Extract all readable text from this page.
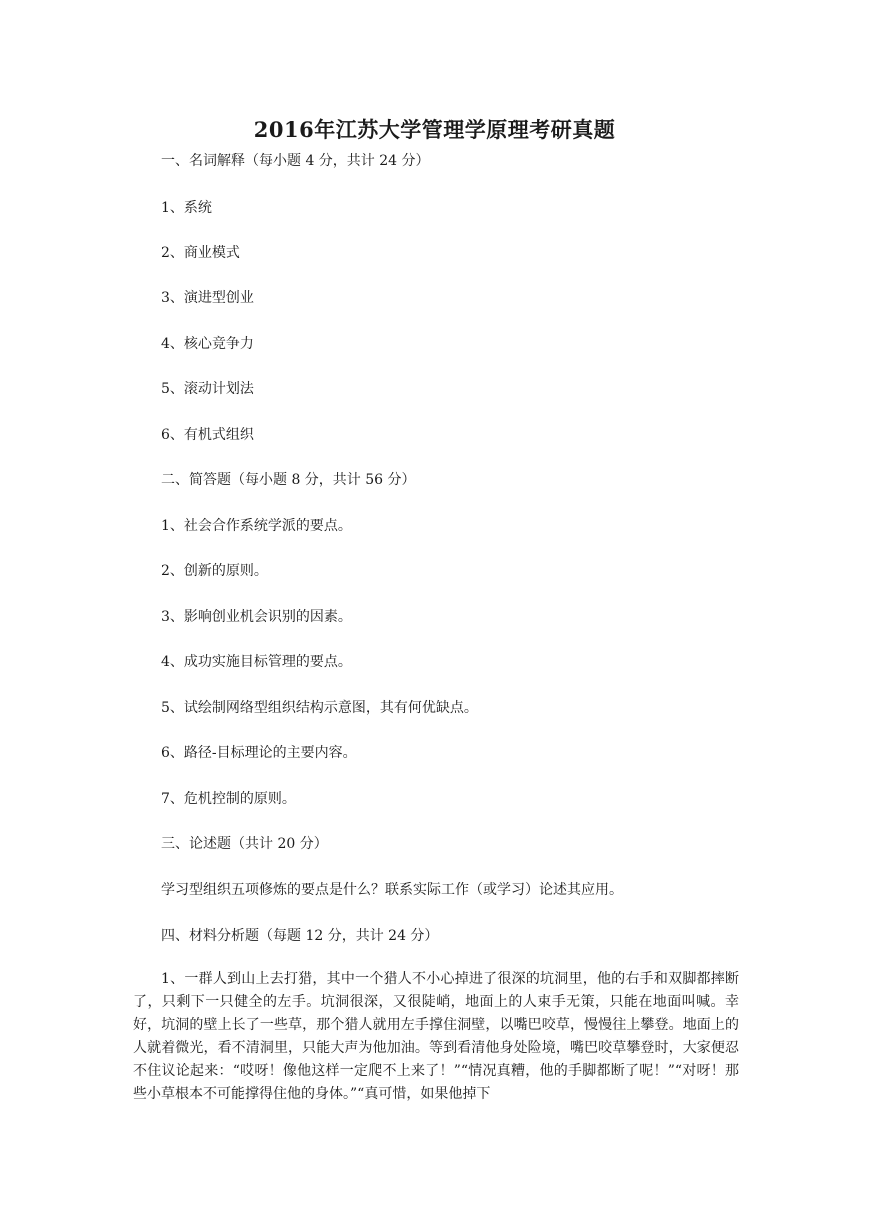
2016年江苏大学管理学原理考研真题
一、名词解释（每小题 4 分，共计 24 分）
1、系统
2、商业模式
3、演进型创业
4、核心竞争力
5、滚动计划法
6、有机式组织
二、简答题（每小题 8 分，共计 56 分）
1、社会合作系统学派的要点。
2、创新的原则。
3、影响创业机会识别的因素。
4、成功实施目标管理的要点。
5、试绘制网络型组织结构示意图，其有何优缺点。
6、路径-目标理论的主要内容。
7、危机控制的原则。
三、论述题（共计 20 分）
学习型组织五项修炼的要点是什么？联系实际工作（或学习）论述其应用。
四、材料分析题（每题 12 分，共计 24 分）
1、一群人到山上去打猎，其中一个猎人不小心掉进了很深的坑洞里，他的右手和双脚都摔断了，只剩下一只健全的左手。坑洞很深，又很陡峭，地面上的人束手无策，只能在地面叫喊。幸好，坑洞的壁上长了一些草，那个猎人就用左手撑住洞壁，以嘴巴咬草，慢慢往上攀登。地面上的人就着微光，看不清洞里，只能大声为他加油。等到看清他身处险境，嘴巴咬草攀登时，大家便忍不住议论起来：“哎呀！像他这样一定爬不上来了！”“情况真糟，他的手脚都断了呢！”“对呀！那些小草根本不可能撑得住他的身体。”“真可惜，如果他掉下
